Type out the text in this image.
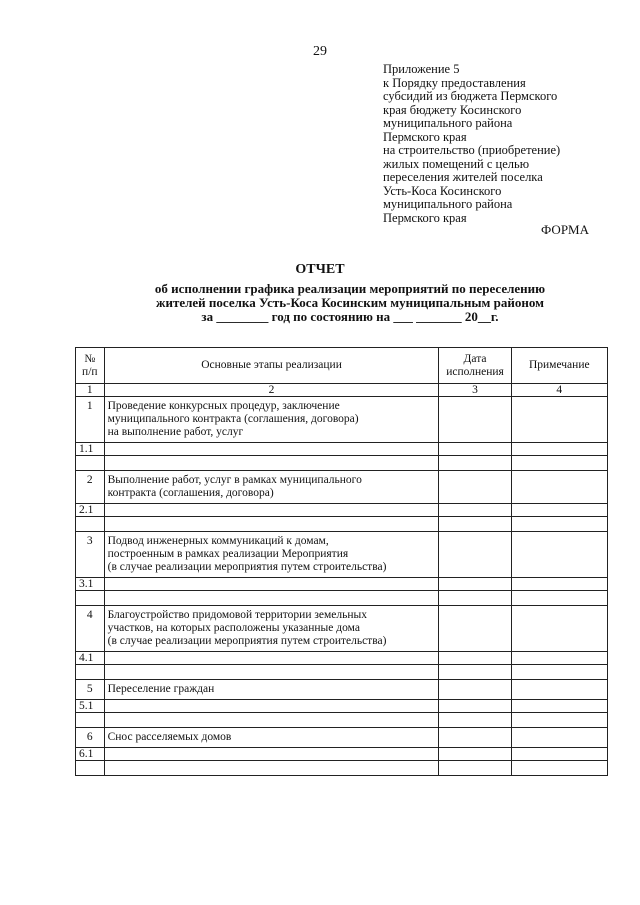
29
Приложение 5
к Порядку предоставления
субсидий из бюджета Пермского
края бюджету Косинского
муниципального района
Пермского края
на строительство (приобретение)
жилых помещений с целью
переселения жителей поселка
Усть-Коса Косинского
муниципального района
Пермского края
ФОРМА
ОТЧЕТ
об исполнении графика реализации мероприятий по переселению
жителей поселка Усть-Коса Косинским муниципальным районом
за ________ год по состоянию на ___ _______ 20__г.
№ п/п	Основные этапы реализации	Дата исполнения	Примечание
1	2	3	4
1	Проведение конкурсных процедур, заключение
муниципального контракта (соглашения, договора)
на выполнение работ, услуг		

1.1			

2	Выполнение работ, услуг в рамках муниципального
контракта (соглашения, договора)		

2.1			

3	Подвод инженерных коммуникаций к домам,
построенным в рамках реализации Мероприятия
(в случае реализации мероприятия путем строительства)		

3.1			

4	Благоустройство придомовой территории земельных
участков, на которых расположены указанные дома
(в случае реализации мероприятия путем строительства)		

4.1			

5	Переселение граждан		

5.1			

6	Снос расселяемых домов		

6.1			
